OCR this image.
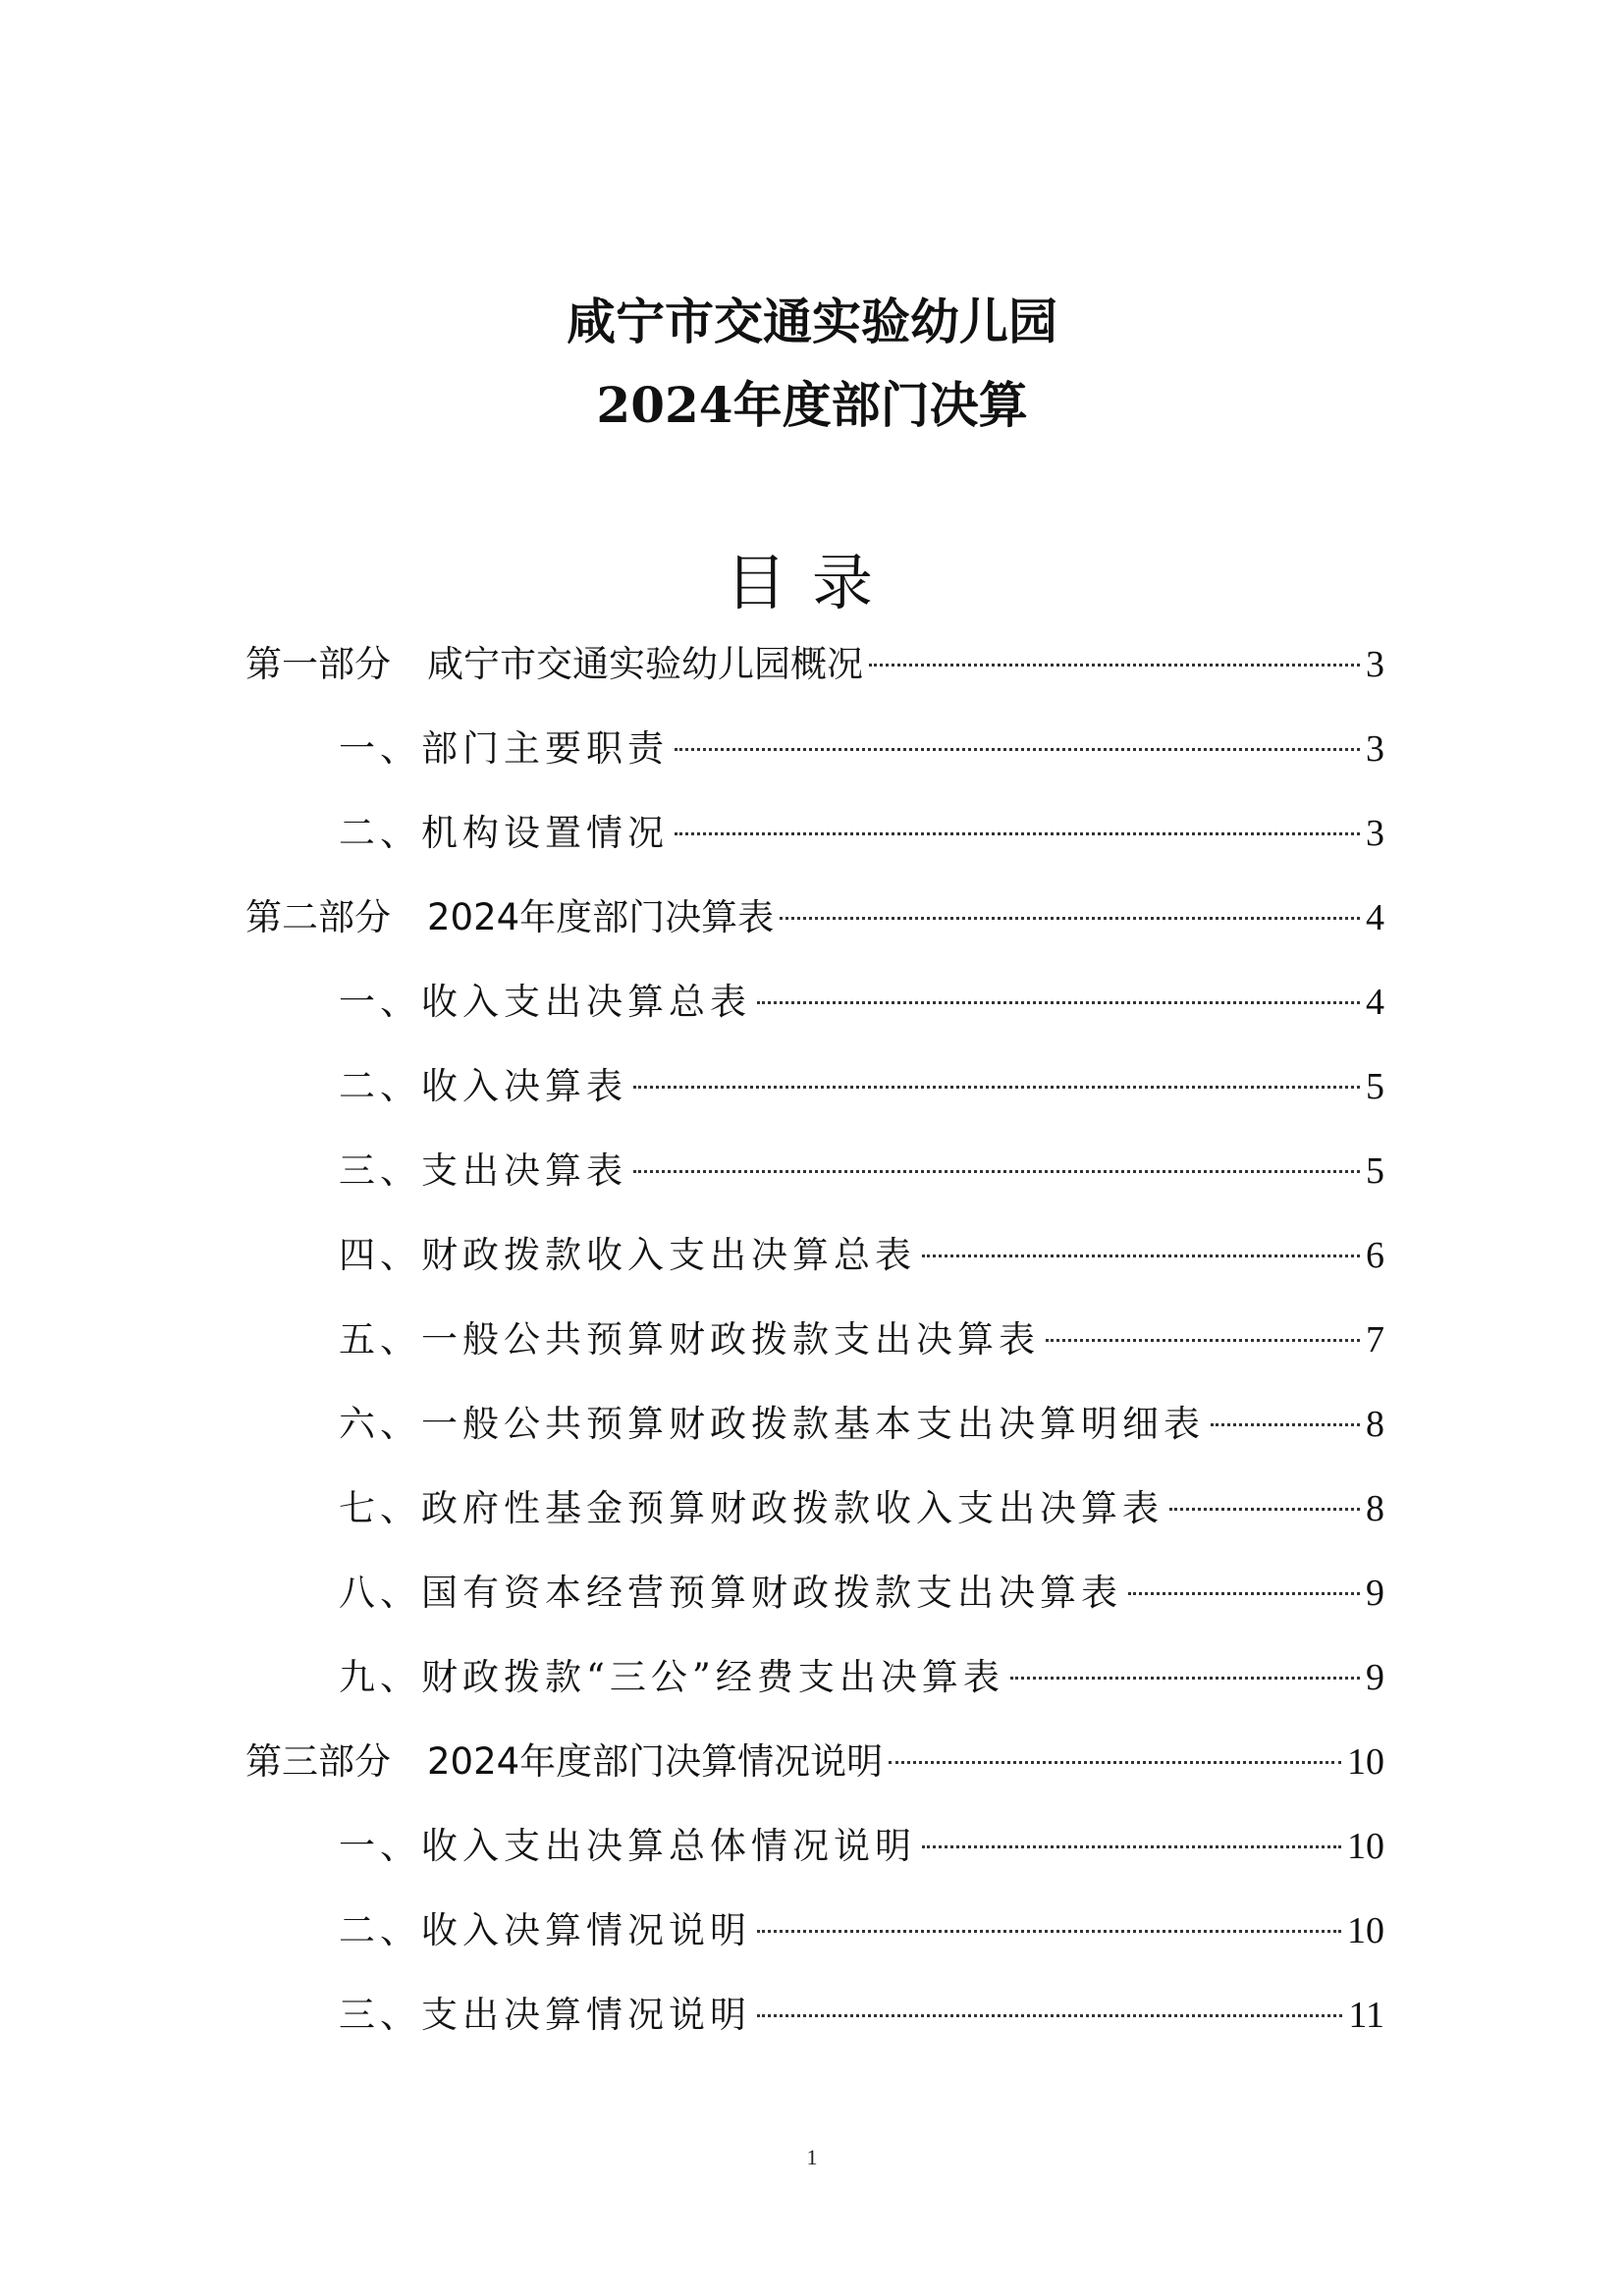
咸宁市交通实验幼儿园
2024年度部门决算
目录
第一部分　咸宁市交通实验幼儿园概况	3
一、部门主要职责	3
二、机构设置情况	3
第二部分　2024年度部门决算表	4
一、收入支出决算总表	4
二、收入决算表	5
三、支出决算表	5
四、财政拨款收入支出决算总表	6
五、一般公共预算财政拨款支出决算表	7
六、一般公共预算财政拨款基本支出决算明细表	8
七、政府性基金预算财政拨款收入支出决算表	8
八、国有资本经营预算财政拨款支出决算表	9
九、财政拨款“三公”经费支出决算表	9
第三部分　2024年度部门决算情况说明	10
一、收入支出决算总体情况说明	10
二、收入决算情况说明	10
三、支出决算情况说明	11
1
